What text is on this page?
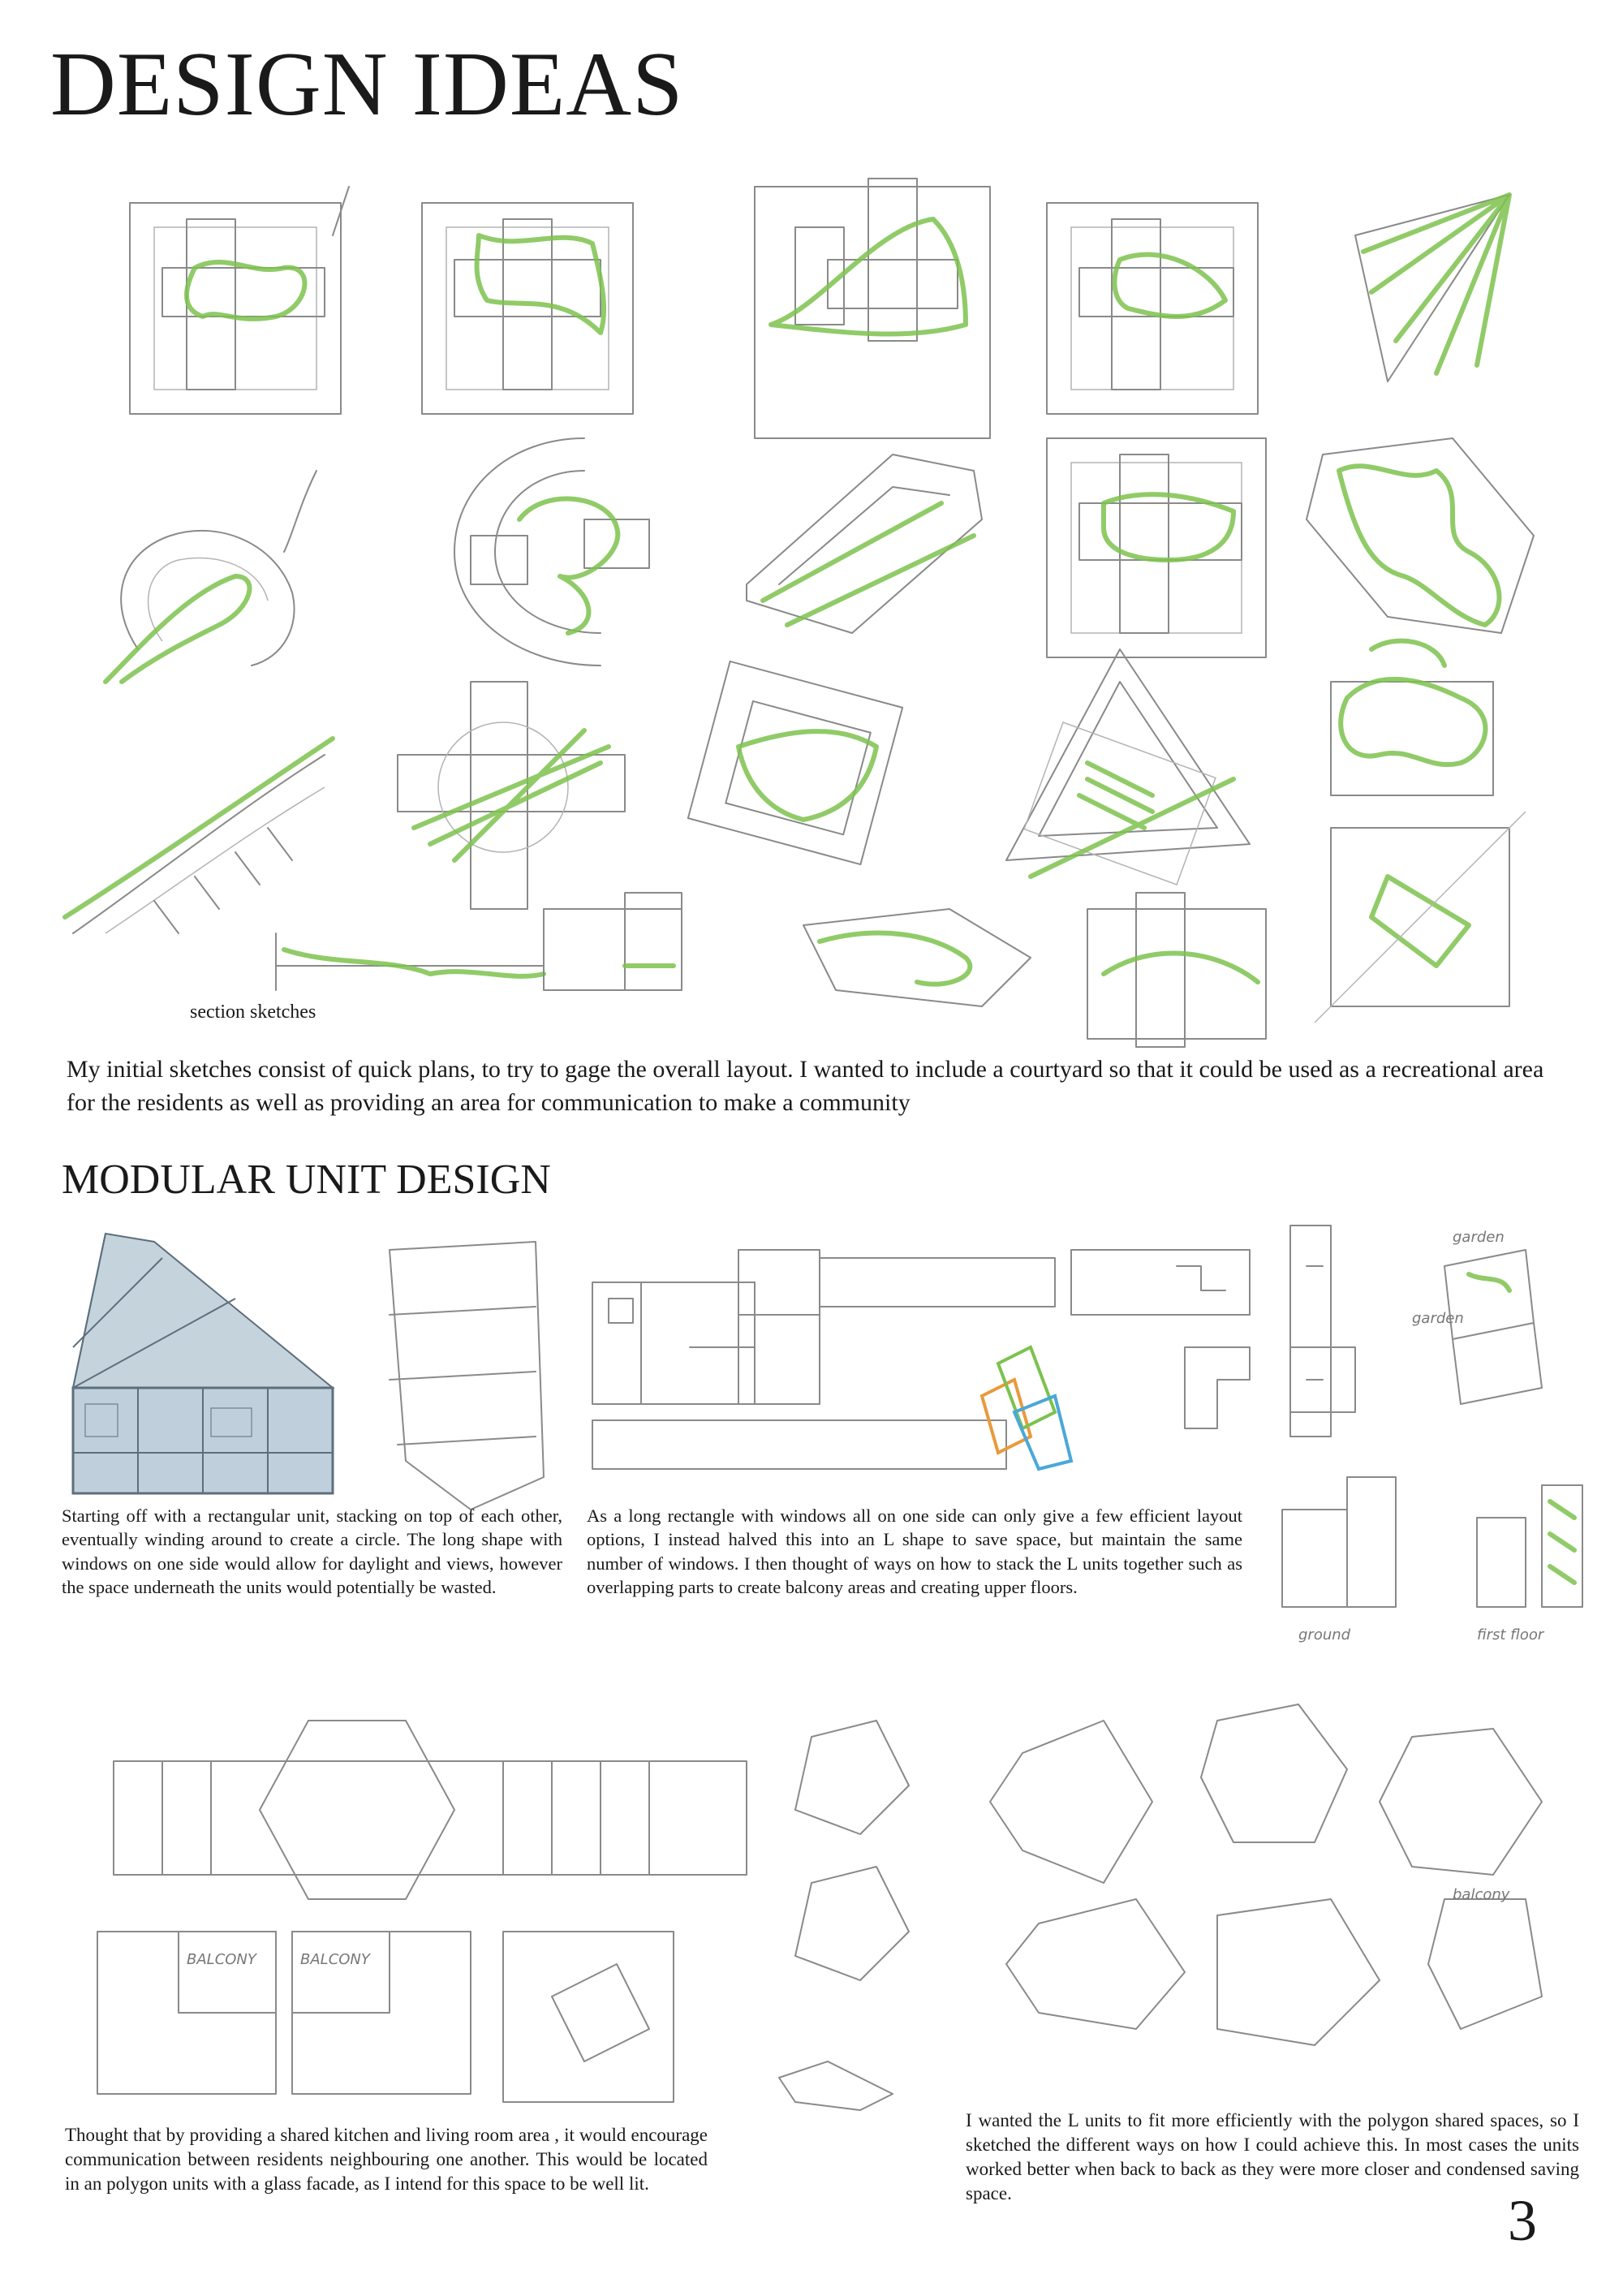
DESIGN IDEAS
section sketches
My initial sketches consist of quick plans, to try to gage the overall layout. I wanted to include a courtyard so that it could be used as a recreational area for the residents as well as providing an area for communication to make a community
MODULAR UNIT DESIGN
garden
garden
ground	first floor
Starting off with a rectangular unit, stacking on top of each other, eventually winding around to create a circle. The long shape with windows on one side would allow for daylight and views, however the space underneath the units would potentially be wasted.
As a long rectangle with windows all on one side can only give a few efficient layout options, I instead halved this into an L shape to save space, but maintain the same number of windows. I then thought of ways on how to stack the L units together such as overlapping parts to create balcony areas and creating upper floors.
BALCONY	BALCONY
balcony
Thought that by providing a shared kitchen and living room area , it would encourage communication between residents neighbouring one another. This would be located in an polygon units with a glass facade, as I intend for this space to be well lit.
I wanted the L units to fit more efficiently with the polygon shared spaces, so I sketched the different ways on how I could achieve this. In most cases the units worked better when back to back as they were more closer and condensed saving space.	3
